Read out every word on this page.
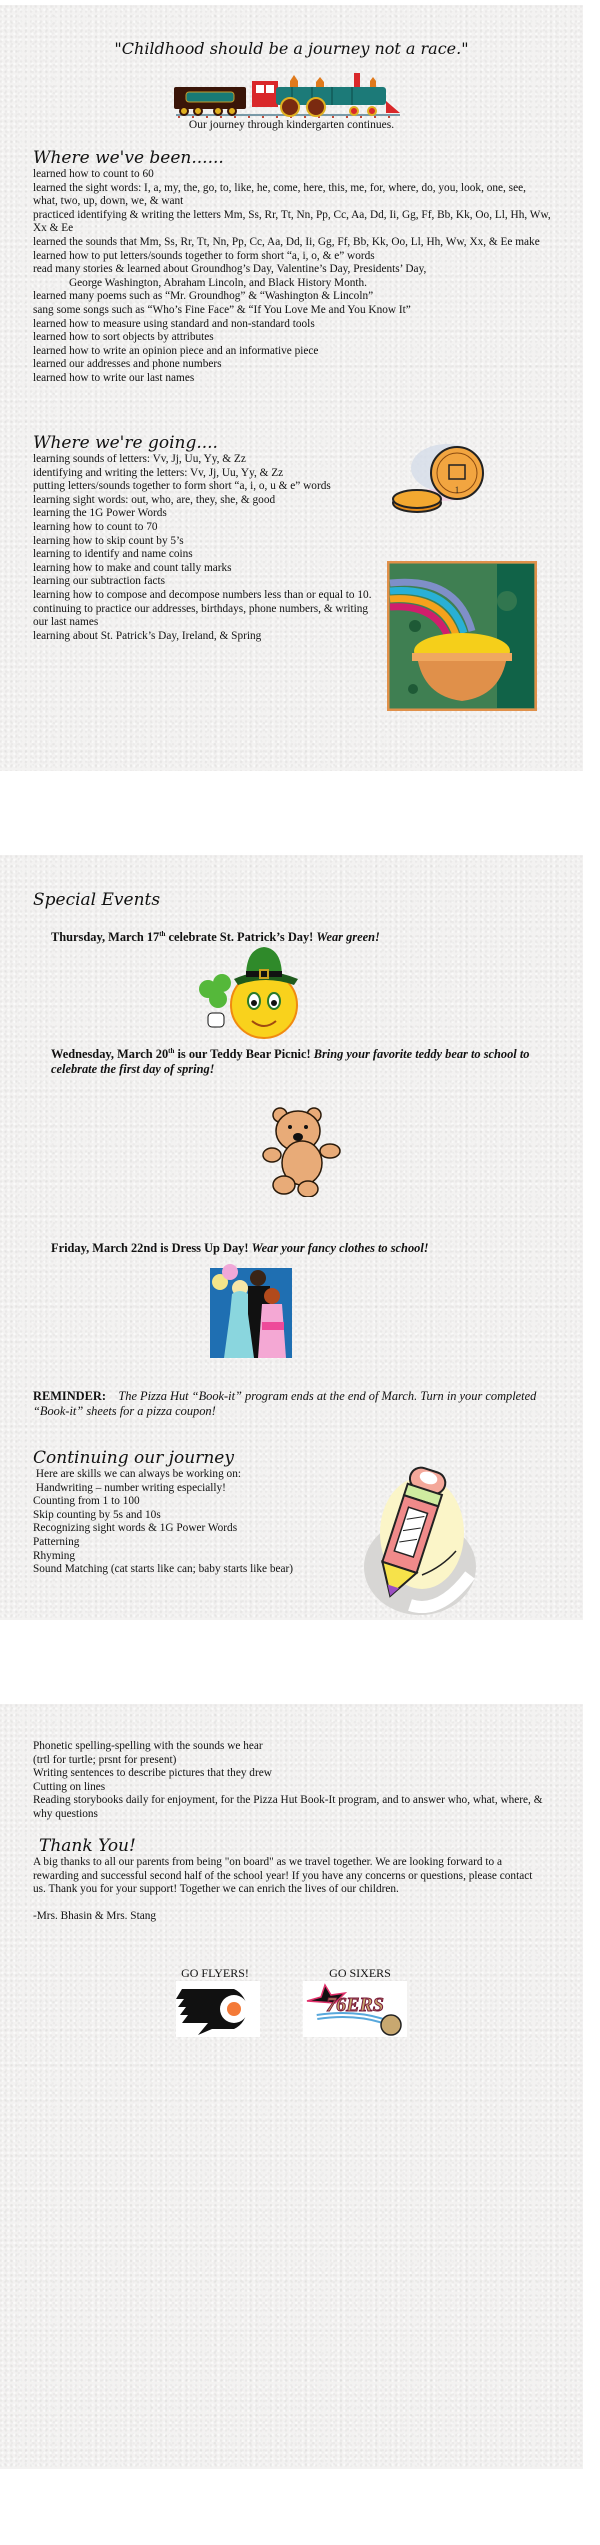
"Childhood should be a journey not a race."
Our journey through kindergarten continues.
Where we've been......
learned how to count to 60
learned the sight words: I, a, my, the, go, to, like, he, come, here, this, me, for, where, do, you, look, one, see, what, two, up, down, we, & want
practiced identifying & writing the letters Mm, Ss, Rr, Tt, Nn, Pp, Cc, Aa, Dd, Ii, Gg, Ff, Bb, Kk, Oo, Ll, Hh, Ww, Xx & Ee
learned the sounds that Mm, Ss, Rr, Tt, Nn, Pp, Cc, Aa, Dd, Ii, Gg, Ff, Bb, Kk, Oo, Ll, Hh, Ww, Xx, & Ee make
learned how to put letters/sounds together to form short “a, i, o, & e” words
read many stories & learned about Groundhog’s Day, Valentine’s Day, Presidents’ Day,
George Washington, Abraham Lincoln, and Black History Month.
learned many poems such as “Mr. Groundhog” & “Washington & Lincoln”
sang some songs such as “Who’s Fine Face” & “If You Love Me and You Know It”
learned how to measure using standard and non-standard tools
learned how to sort objects by attributes
learned how to write an opinion piece and an informative piece
learned our addresses and phone numbers
learned how to write our last names
Where we're going....
learning sounds of letters: Vv, Jj, Uu, Yy, & Zz
identifying and writing the letters: Vv, Jj, Uu, Yy, & Zz
putting letters/sounds together to form short “a, i, o, u & e” words
learning sight words: out, who, are, they, she, & good
learning the 1G Power Words
learning how to count to 70
learning how to skip count by 5’s
learning to identify and name coins
learning how to make and count tally marks
learning our subtraction facts
learning how to compose and decompose numbers less than or equal to 10.
continuing to practice our addresses, birthdays, phone numbers, & writing our last names
learning about St. Patrick’s Day, Ireland, & Spring
1
Special Events
Thursday, March 17th celebrate St. Patrick’s Day! Wear green!
Wednesday, March 20th is our Teddy Bear Picnic! Bring your favorite teddy bear to school to celebrate the first day of spring!
Friday, March 22nd is Dress Up Day! Wear your fancy clothes to school!
REMINDER: The Pizza Hut “Book-it” program ends at the end of March. Turn in your completed “Book-it” sheets for a pizza coupon!
Continuing our journey
Here are skills we can always be working on:
Handwriting – number writing especially!
Counting from 1 to 100
Skip counting by 5s and 10s
Recognizing sight words & 1G Power Words
Patterning
Rhyming
Sound Matching (cat starts like can; baby starts like bear)
Phonetic spelling-spelling with the sounds we hear
(trtl for turtle; prsnt for present)
Writing sentences to describe pictures that they drew
Cutting on lines
Reading storybooks daily for enjoyment, for the Pizza Hut Book-It program, and to answer who, what, where, & why questions
Thank You!

A big thanks to all our parents from being "on board" as we travel together. We are looking forward to a rewarding and successful second half of the school year! If you have any concerns or questions, please contact us. Thank you for your support! Together we can enrich the lives of our children.

-Mrs. Bhasin & Mrs. Stang

GO FLYERS!	GO SIXERS
76ERS
